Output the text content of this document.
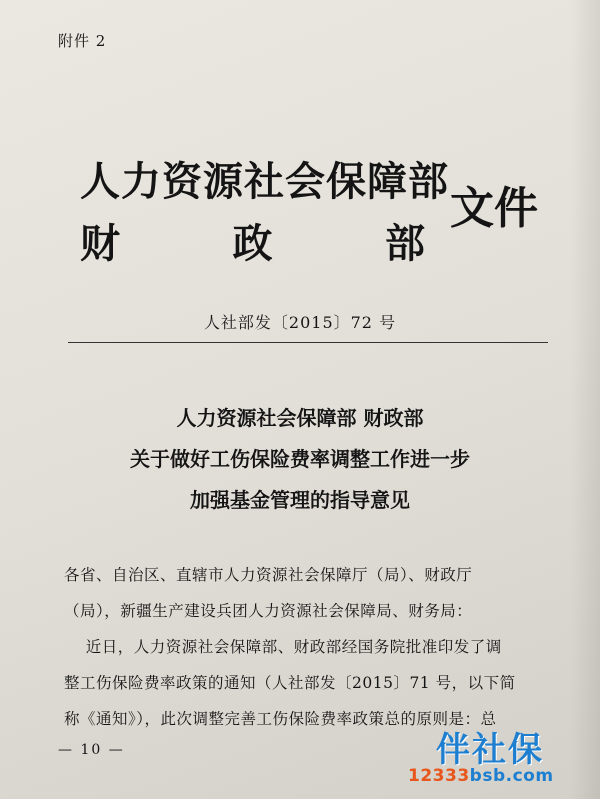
附件 2
人力资源社会保障部
财	政	部
文件
人社部发〔2015〕72 号
人力资源社会保障部 财政部
关于做好工伤保险费率调整工作进一步
加强基金管理的指导意见
各省、自治区、直辖市人力资源社会保障厅（局）、财政厅
（局），新疆生产建设兵团人力资源社会保障局、财务局：
近日，人力资源社会保障部、财政部经国务院批准印发了调
整工伤保险费率政策的通知（人社部发〔2015〕71 号，以下简
称《通知》），此次调整完善工伤保险费率政策总的原则是：总
— 10 —	伴社保
12333bsb.com
